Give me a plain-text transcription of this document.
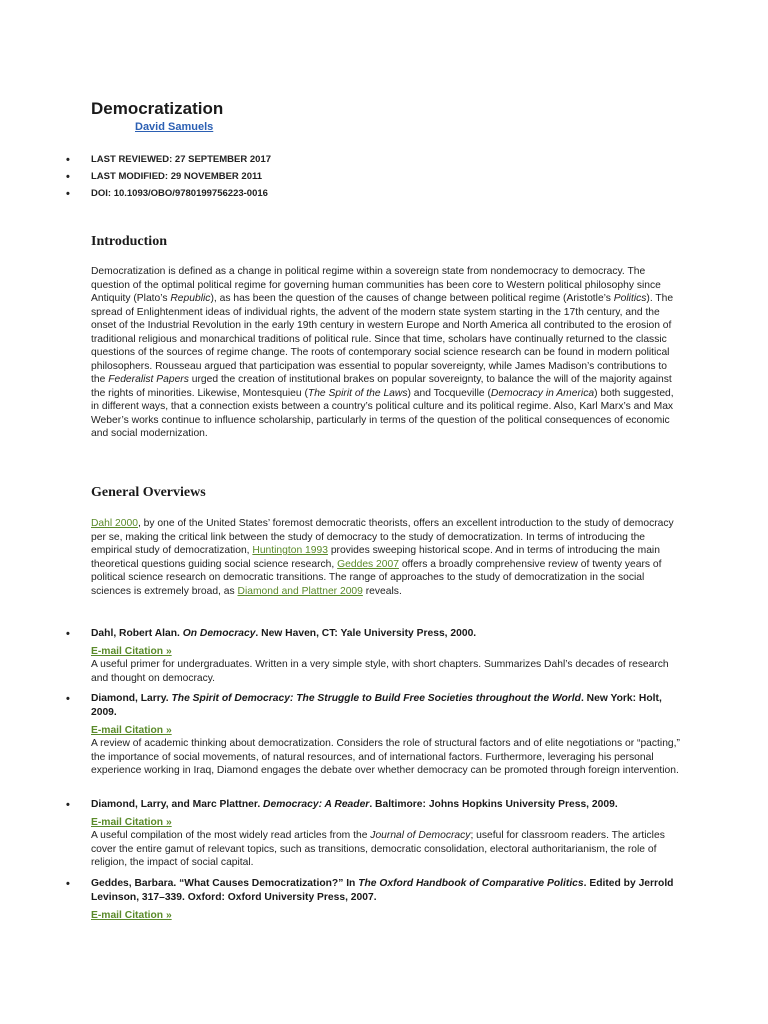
Democratization
David Samuels
• LAST REVIEWED: 27 SEPTEMBER 2017
• LAST MODIFIED: 29 NOVEMBER 2011
• DOI: 10.1093/OBO/9780199756223-0016
Introduction

Democratization is defined as a change in political regime within a sovereign state from nondemocracy to democracy. The question of the optimal political regime for governing human communities has been core to Western political philosophy since Antiquity (Plato’s Republic), as has been the question of the causes of change between political regime (Aristotle’s Politics). The spread of Enlightenment ideas of individual rights, the advent of the modern state system starting in the 17th century, and the onset of the Industrial Revolution in the early 19th century in western Europe and North America all contributed to the erosion of traditional religious and monarchical traditions of political rule. Since that time, scholars have continually returned to the classic questions of the sources of regime change. The roots of contemporary social science research can be found in modern political philosophers. Rousseau argued that participation was essential to popular sovereignty, while James Madison’s contributions to the Federalist Papers urged the creation of institutional brakes on popular sovereignty, to balance the will of the majority against the rights of minorities. Likewise, Montesquieu (The Spirit of the Laws) and Tocqueville (Democracy in America) both suggested, in different ways, that a connection exists between a country’s political culture and its political regime. Also, Karl Marx’s and Max Weber’s works continue to influence scholarship, particularly in terms of the question of the political consequences of economic and social modernization.

General Overviews

Dahl 2000, by one of the United States’ foremost democratic theorists, offers an excellent introduction to the study of democracy per se, making the critical link between the study of democracy to the study of democratization. In terms of introducing the empirical study of democratization, Huntington 1993 provides sweeping historical scope. And in terms of introducing the main theoretical questions guiding social science research, Geddes 2007 offers a broadly comprehensive review of twenty years of political science research on democratic transitions. The range of approaches to the study of democratization in the social sciences is extremely broad, as Diamond and Plattner 2009 reveals.

• Dahl, Robert Alan. On Democracy. New Haven, CT: Yale University Press, 2000.
E-mail Citation »
A useful primer for undergraduates. Written in a very simple style, with short chapters. Summarizes Dahl’s decades of research and thought on democracy.
• Diamond, Larry. The Spirit of Democracy: The Struggle to Build Free Societies throughout the World. New York: Holt, 2009.
E-mail Citation »
A review of academic thinking about democratization. Considers the role of structural factors and of elite negotiations or “pacting,” the importance of social movements, of natural resources, and of international factors. Furthermore, leveraging his personal experience working in Iraq, Diamond engages the debate over whether democracy can be promoted through foreign intervention.
• Diamond, Larry, and Marc Plattner. Democracy: A Reader. Baltimore: Johns Hopkins University Press, 2009.
E-mail Citation »
A useful compilation of the most widely read articles from the Journal of Democracy; useful for classroom readers. The articles cover the entire gamut of relevant topics, such as transitions, democratic consolidation, electoral authoritarianism, the role of religion, the impact of social capital.
• Geddes, Barbara. “What Causes Democratization?” In The Oxford Handbook of Comparative Politics. Edited by Jerrold Levinson, 317–339. Oxford: Oxford University Press, 2007.
E-mail Citation »
